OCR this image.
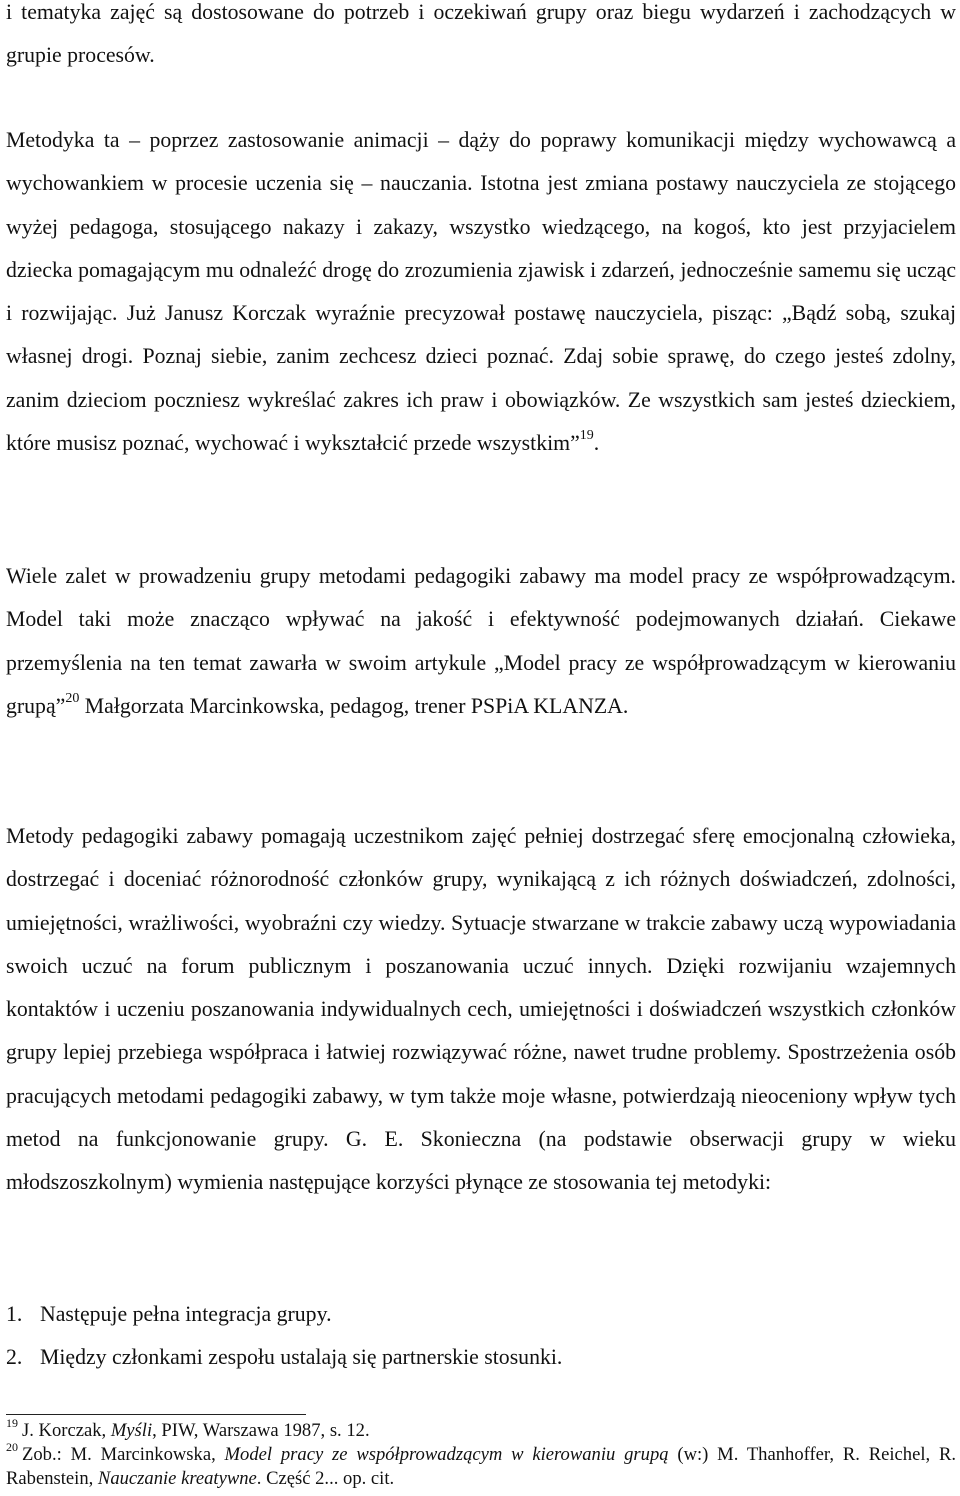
i tematyka zajęć są dostosowane do potrzeb i oczekiwań grupy oraz biegu wydarzeń i zachodzących w grupie procesów.

Metodyka ta – poprzez zastosowanie animacji – dąży do poprawy komunikacji między wychowawcą a wychowankiem w procesie uczenia się – nauczania. Istotna jest zmiana postawy nauczyciela ze stojącego wyżej pedagoga, stosującego nakazy i zakazy, wszystko wiedzącego, na kogoś, kto jest przyjacielem dziecka pomagającym mu odnaleźć drogę do zrozumienia zjawisk i zdarzeń, jednocześnie samemu się ucząc i rozwijając. Już Janusz Korczak wyraźnie precyzował postawę nauczyciela, pisząc: „Bądź sobą, szukaj własnej drogi. Poznaj siebie, zanim zechcesz dzieci poznać. Zdaj sobie sprawę, do czego jesteś zdolny, zanim dzieciom poczniesz wykreślać zakres ich praw i obowiązków. Ze wszystkich sam jesteś dzieckiem, które musisz poznać, wychować i wykształcić przede wszystkim”$^{19}$.

Wiele zalet w prowadzeniu grupy metodami pedagogiki zabawy ma model pracy ze współprowadzącym. Model taki może znacząco wpływać na jakość i efektywność podejmowanych działań. Ciekawe przemyślenia na ten temat zawarła w swoim artykule „Model pracy ze współprowadzącym w kierowaniu grupą”$^{20}$ Małgorzata Marcinkowska, pedagog, trener PSPiA KLANZA.

Metody pedagogiki zabawy pomagają uczestnikom zajęć pełniej dostrzegać sferę emocjonalną człowieka, dostrzegać i doceniać różnorodność członków grupy, wynikającą z ich różnych doświadczeń, zdolności, umiejętności, wrażliwości, wyobraźni czy wiedzy. Sytuacje stwarzane w trakcie zabawy uczą wypowiadania swoich uczuć na forum publicznym i poszanowania uczuć innych. Dzięki rozwijaniu wzajemnych kontaktów i uczeniu poszanowania indywidualnych cech, umiejętności i doświadczeń wszystkich członków grupy lepiej przebiega współpraca i łatwiej rozwiązywać różne, nawet trudne problemy. Spostrzeżenia osób pracujących metodami pedagogiki zabawy, w tym także moje własne, potwierdzają nieoceniony wpływ tych metod na funkcjonowanie grupy. G. E. Skonieczna (na podstawie obserwacji grupy w wieku młodszoszkolnym) wymienia następujące korzyści płynące ze stosowania tej metodyki:

1. Następuje pełna integracja grupy.
2. Między członkami zespołu ustalają się partnerskie stosunki.

$^{19}$ J. Korczak, Myśli, PIW, Warszawa 1987, s. 12.

$^{20}$ Zob.: M. Marcinkowska, Model pracy ze współprowadzącym w kierowaniu grupą (w:) M. Thanhoffer, R. Reichel, R. Rabenstein, Nauczanie kreatywne. Część 2... op. cit.
